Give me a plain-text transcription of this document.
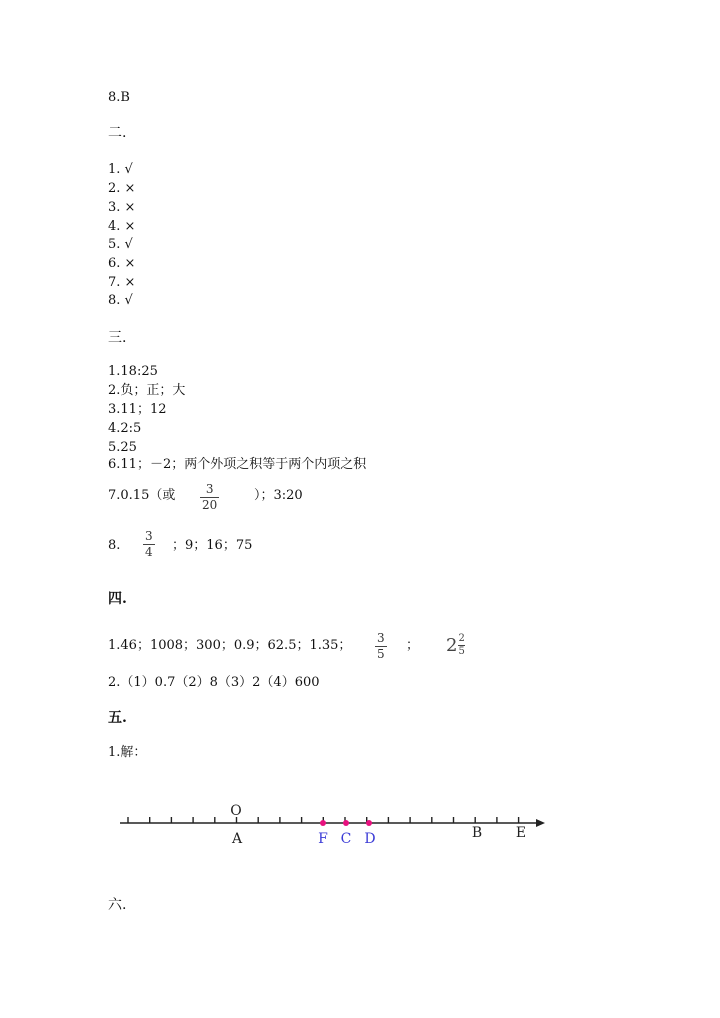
8.B
二.
1. √
2. ×
3. ×
4. ×
5. √
6. ×
7. ×
8. √
三.
1.18:25
2.负；正；大
3.11；12
4.2:5
5.25
6.11；－2；两个外项之积等于两个内项之积
7.0.15（或	3
20
）；3:20
8.
3
4 ；9；16；75
四.
1.46；1008；300；0.9；62.5；1.35； 3
5
； 2 2
5
2.（1）0.7（2）8（3）2（4）600
五.
1.解：
O
A	F C D	B E
六.
